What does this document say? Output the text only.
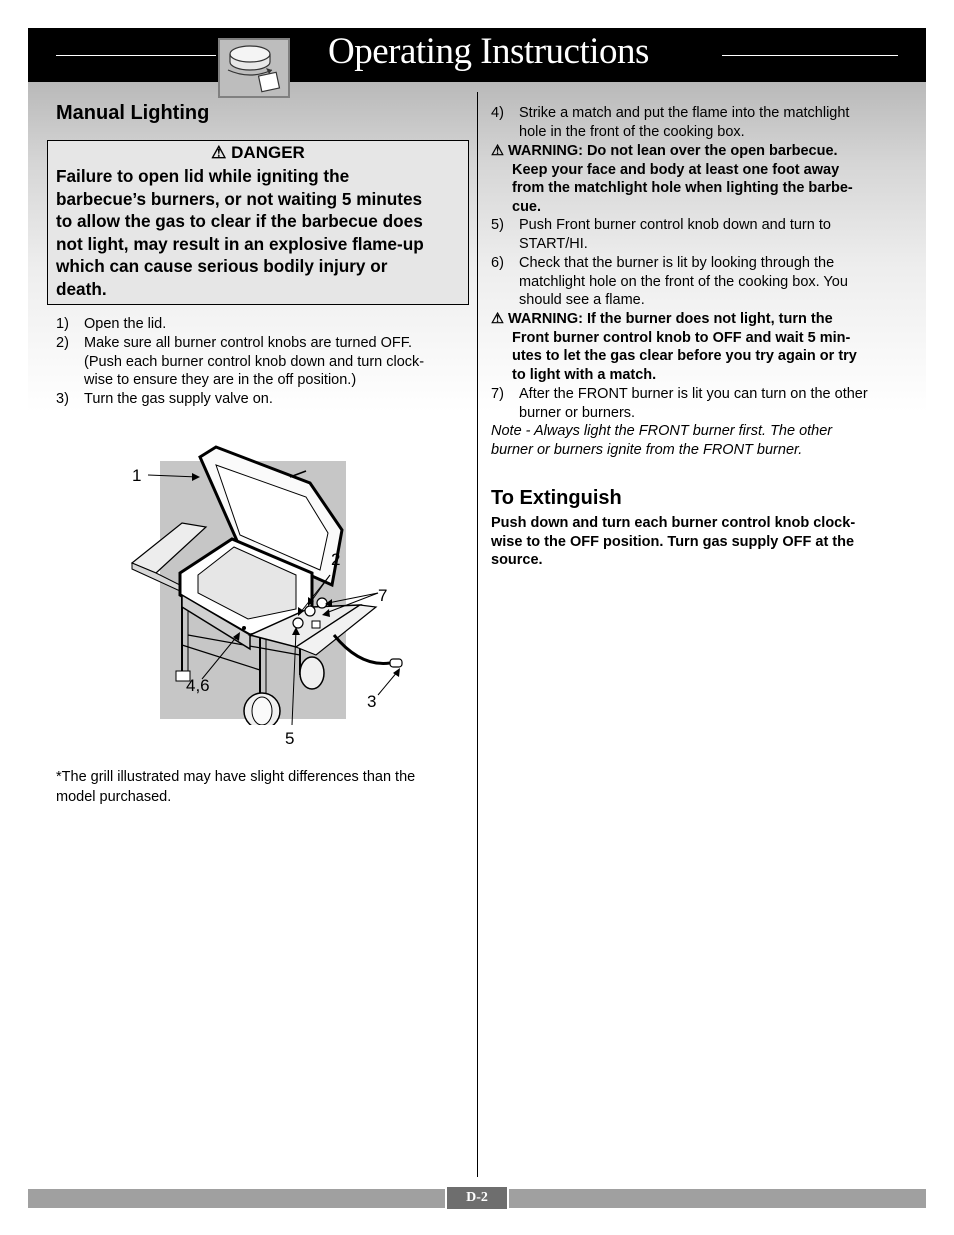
Operating Instructions
Manual Lighting
⚠ DANGER
Failure to open lid while igniting the
barbecue’s burners, or not waiting 5 minutes
to allow the gas to clear if the barbecue does
not light, may result in an explosive flame-up
which can cause serious bodily injury or
death.
1) Open the lid.
2) Make sure all burner control knobs are turned OFF.
(Push each burner control knob down and turn clock-
wise to ensure they are in the off position.)
3) Turn the gas supply valve on.
1
2
7
4,6
3
5
*The grill illustrated may have slight differences than the
model purchased.
4) Strike a match and put the flame into the matchlight
hole in the front of the cooking box.
⚠ WARNING: Do not lean over the open barbecue.
Keep your face and body at least one foot away
from the matchlight hole when lighting the barbe-
cue.
5) Push Front burner control knob down and turn to
START/HI.
6) Check that the burner is lit by looking through the
matchlight hole on the front of the cooking box. You
should see a flame.
⚠ WARNING: If the burner does not light, turn the
Front burner control knob to OFF and wait 5 min-
utes to let the gas clear before you try again or try
to light with a match.
7) After the FRONT burner is lit you can turn on the other
burner or burners.
Note - Always light the FRONT burner first. The other
burner or burners ignite from the FRONT burner.
To Extinguish
Push down and turn each burner control knob clock-
wise to the OFF position. Turn gas supply OFF at the
source.
D-2
